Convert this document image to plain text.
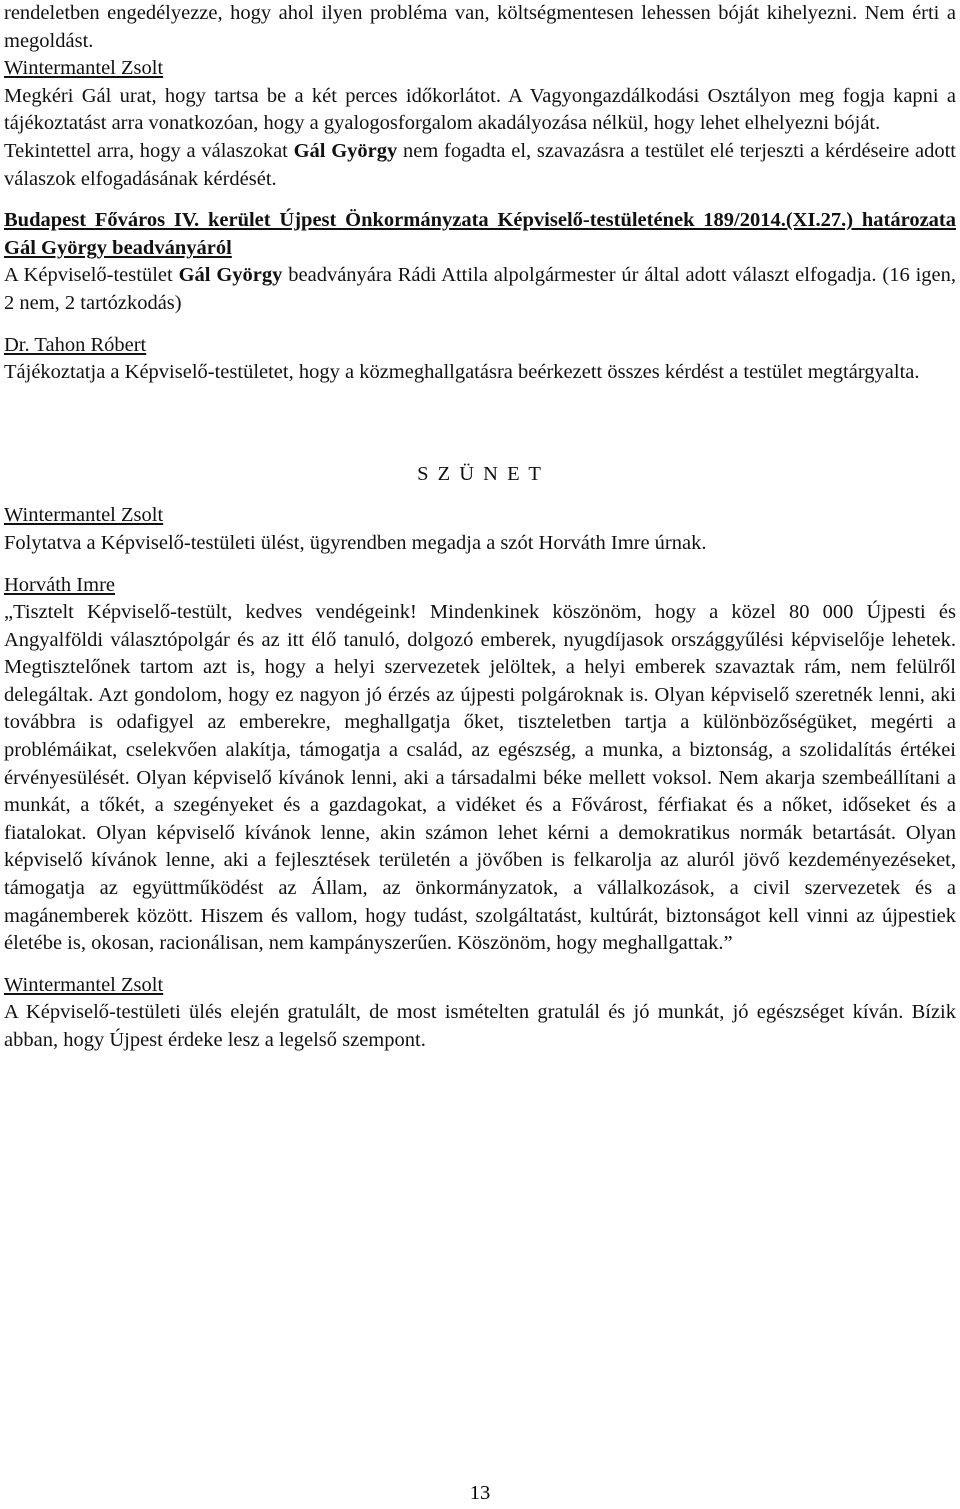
rendeletben engedélyezze, hogy ahol ilyen probléma van, költségmentesen lehessen bóját kihelyezni. Nem érti a megoldást.
Wintermantel Zsolt
Megkéri Gál urat, hogy tartsa be a két perces időkorlátot. A Vagyongazdálkodási Osztályon meg fogja kapni a tájékoztatást arra vonatkozóan, hogy a gyalogosforgalom akadályozása nélkül, hogy lehet elhelyezni bóját.
Tekintettel arra, hogy a válaszokat Gál György nem fogadta el, szavazásra a testület elé terjeszti a kérdéseire adott válaszok elfogadásának kérdését.
Budapest Főváros IV. kerület Újpest Önkormányzata Képviselő-testületének 189/2014.(XI.27.) határozata Gál György beadványáról
A Képviselő-testület Gál György beadványára Rádi Attila alpolgármester úr által adott választ elfogadja. (16 igen, 2 nem, 2 tartózkodás)
Dr. Tahon Róbert
Tájékoztatja a Képviselő-testületet, hogy a közmeghallgatásra beérkezett összes kérdést a testület megtárgyalta.
S Z Ü N E T
Wintermantel Zsolt
Folytatva a Képviselő-testületi ülést, ügyrendben megadja a szót Horváth Imre úrnak.
Horváth Imre
„Tisztelt Képviselő-testült, kedves vendégeink! Mindenkinek köszönöm, hogy a közel 80 000 Újpesti és Angyalföldi választópolgár és az itt élő tanuló, dolgozó emberek, nyugdíjasok országgyűlési képviselője lehetek. Megtisztelőnek tartom azt is, hogy a helyi szervezetek jelöltek, a helyi emberek szavaztak rám, nem felülről delegáltak. Azt gondolom, hogy ez nagyon jó érzés az újpesti polgároknak is. Olyan képviselő szeretnék lenni, aki továbbra is odafigyel az emberekre, meghallgatja őket, tiszteletben tartja a különbözőségüket, megérti a problémáikat, cselekvően alakítja, támogatja a család, az egészség, a munka, a biztonság, a szolidalítás értékei érvényesülését. Olyan képviselő kívánok lenni, aki a társadalmi béke mellett voksol. Nem akarja szembeállítani a munkát, a tőkét, a szegényeket és a gazdagokat, a vidéket és a Fővárost, férfiakat és a nőket, időseket és a fiatalokat. Olyan képviselő kívánok lenne, akin számon lehet kérni a demokratikus normák betartását. Olyan képviselő kívánok lenne, aki a fejlesztések területén a jövőben is felkarolja az aluról jövő kezdeményezéseket, támogatja az együttműködést az Állam, az önkormányzatok, a vállalkozások, a civil szervezetek és a magánemberek között. Hiszem és vallom, hogy tudást, szolgáltatást, kultúrát, biztonságot kell vinni az újpestiek életébe is, okosan, racionálisan, nem kampányszerűen. Köszönöm, hogy meghallgattak.”
Wintermantel Zsolt
A Képviselő-testületi ülés elején gratulált, de most ismételten gratulál és jó munkát, jó egészséget kíván. Bízik abban, hogy Újpest érdeke lesz a legelső szempont.
13
